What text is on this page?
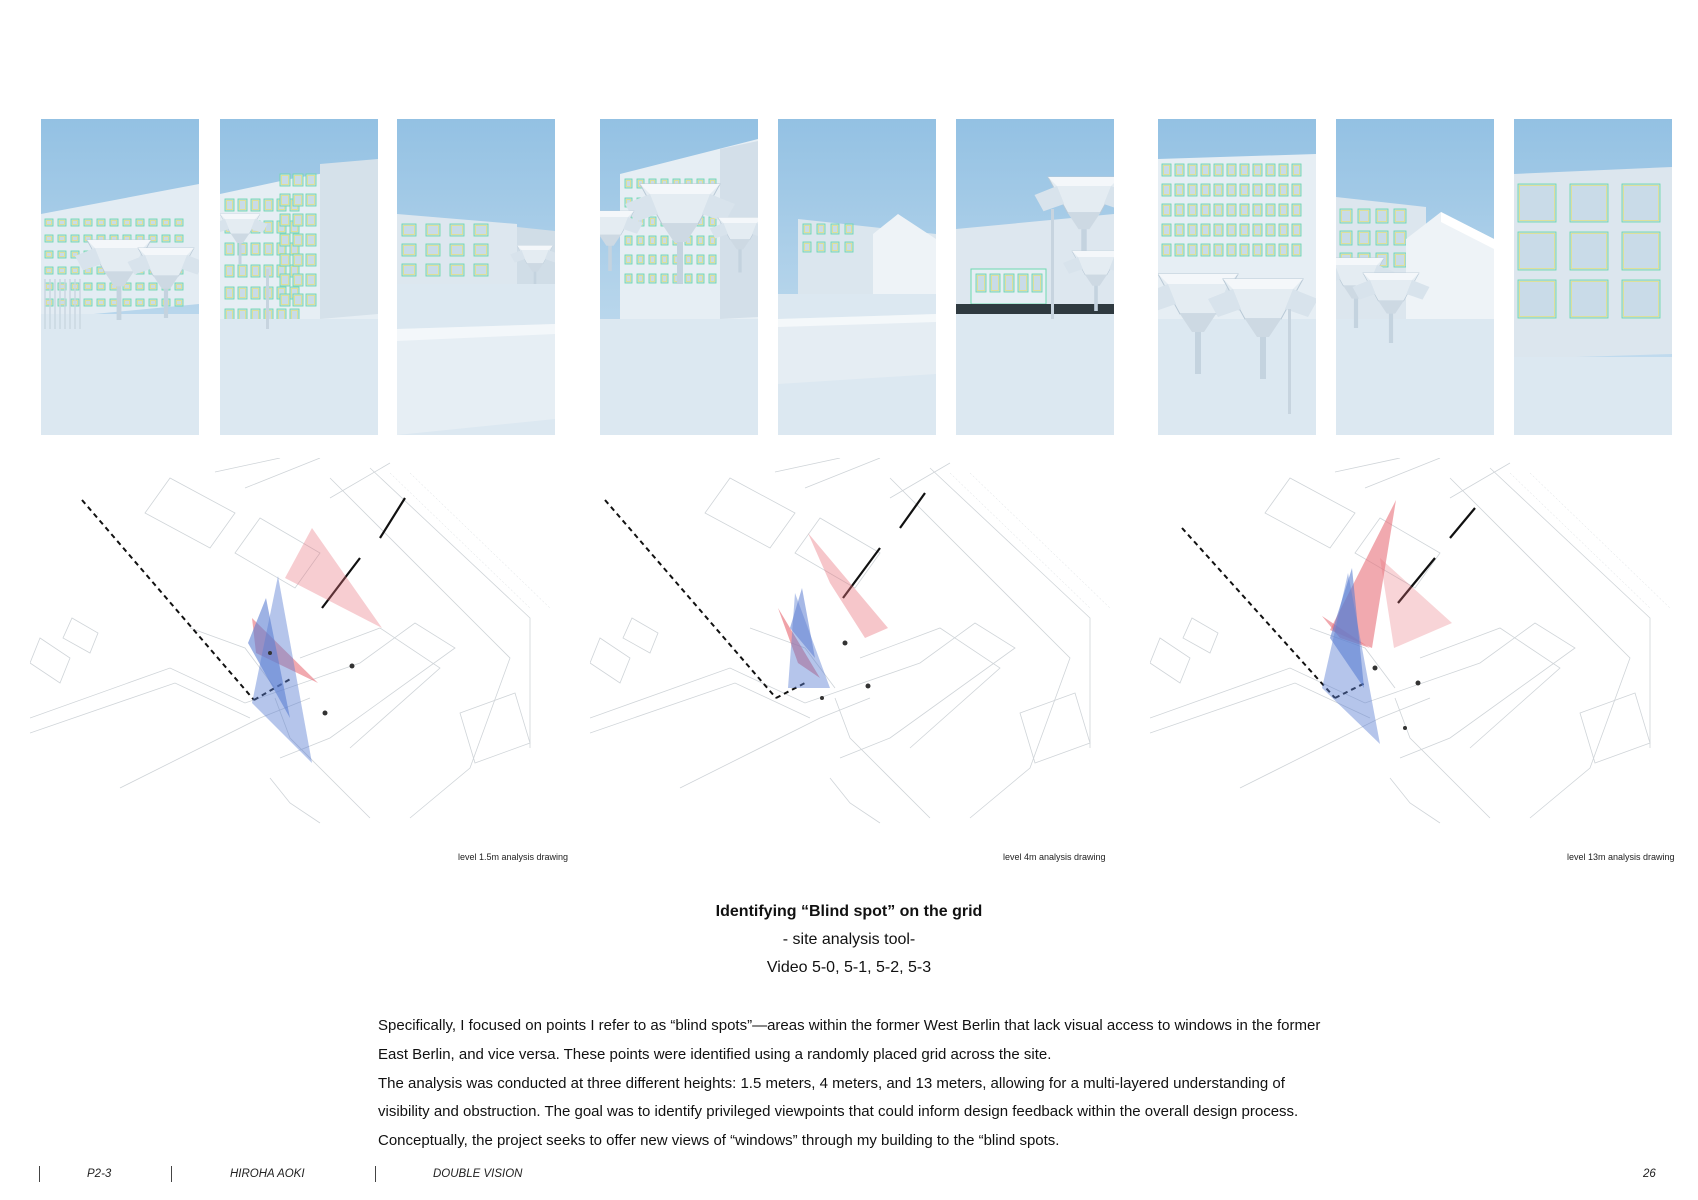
level 1.5m analysis drawing	level 4m analysis drawing	level 13m analysis drawing
Identifying “Blind spot” on the grid
- site analysis tool-
Video 5-0, 5-1, 5-2, 5-3

Specifically, I focused on points I refer to as “blind spots”—areas within the former West Berlin that lack visual access to windows in the former East Berlin, and vice versa. These points were identified using a randomly placed grid across the site.

The analysis was conducted at three different heights: 1.5 meters, 4 meters, and 13 meters, allowing for a multi-layered understanding of visibility and obstruction. The goal was to identify privileged viewpoints that could inform design feedback within the overall design process. Conceptually, the project seeks to offer new views of “windows” through my building to the “blind spots.

P2-3	HIROHA AOKI	DOUBLE VISION	26
